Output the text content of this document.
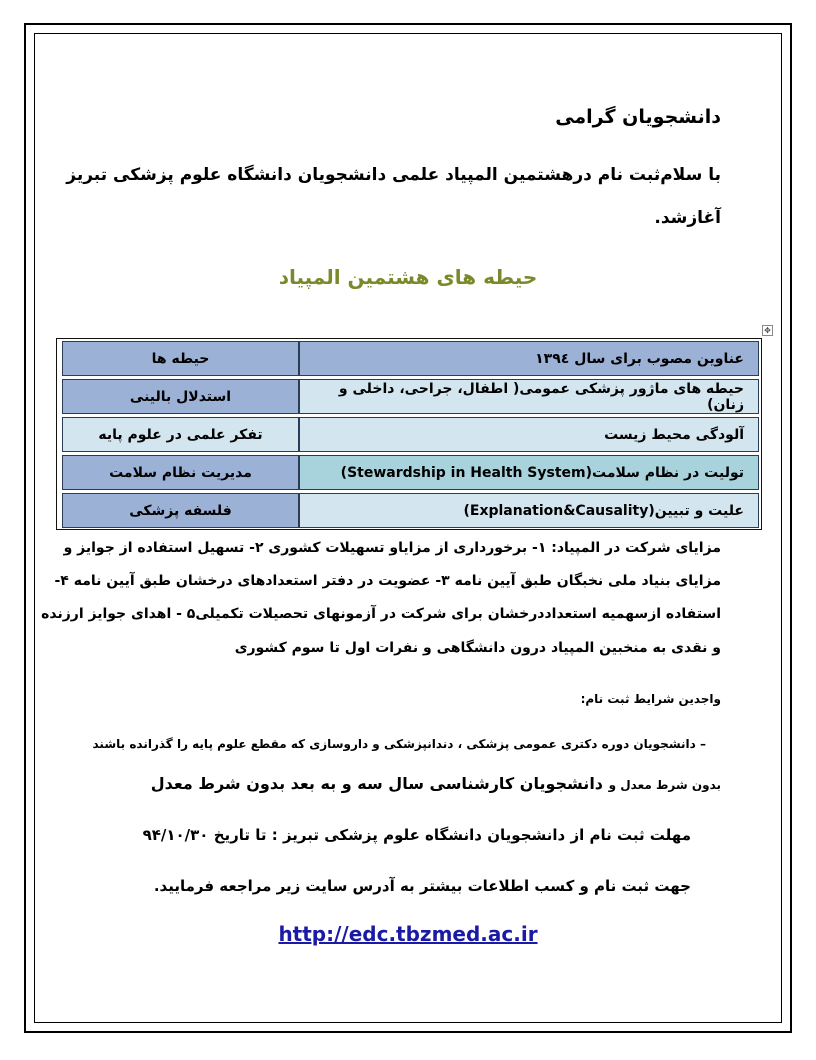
دانشجویان گرامی
با سلام‌ثبت نام درهشتمین المپیاد علمی دانشجویان دانشگاه علوم پزشکی تبریز
آغازشد.
حیطه های هشتمین المپیاد
✥
حیطه ها	عناوین مصوب برای سال ۱۳۹٤
استدلال بالینی	حیطه های ماژور پزشکی عمومی( اطفال، جراحی، داخلی و زنان)
تفکر علمی در علوم پایه	آلودگی محیط زیست
مدیریت نظام سلامت	تولیت در نظام سلامت(Stewardship in Health System)
فلسفه پزشکی	علیت و تبیین(Explanation&Causality)
مزایای شرکت در المپیاد: ۱- برخورداری از مزایاو تسهیلات کشوری ۲- تسهیل استفاده از جوایز و
مزایای بنیاد ملی نخبگان طبق آیین نامه ۳- عضویت در دفتر استعدادهای درخشان طبق آیین نامه ۴-
استفاده ازسهمیه استعداددرخشان برای شرکت در آزمونهای تحصیلات تکمیلی۵ - اهدای جوایز ارزنده
و نقدی به منخبین المپیاد درون دانشگاهی و نفرات اول تا سوم کشوری
واجدین شرایط ثبت نام:
– دانشجویان دوره دکتری عمومی پزشکی ، دندانپزشکی و داروسازی که مقطع علوم پایه را گذرانده باشند
بدون شرط معدل و دانشجویان کارشناسی سال سه و به بعد بدون شرط معدل
مهلت ثبت نام از دانشجویان دانشگاه علوم پزشکی تبریز : تا تاریخ ۹۴/۱۰/۳۰
جهت ثبت نام و کسب اطلاعات بیشتر به آدرس سایت زیر مراجعه فرمایید.
http://edc.tbzmed.ac.ir
